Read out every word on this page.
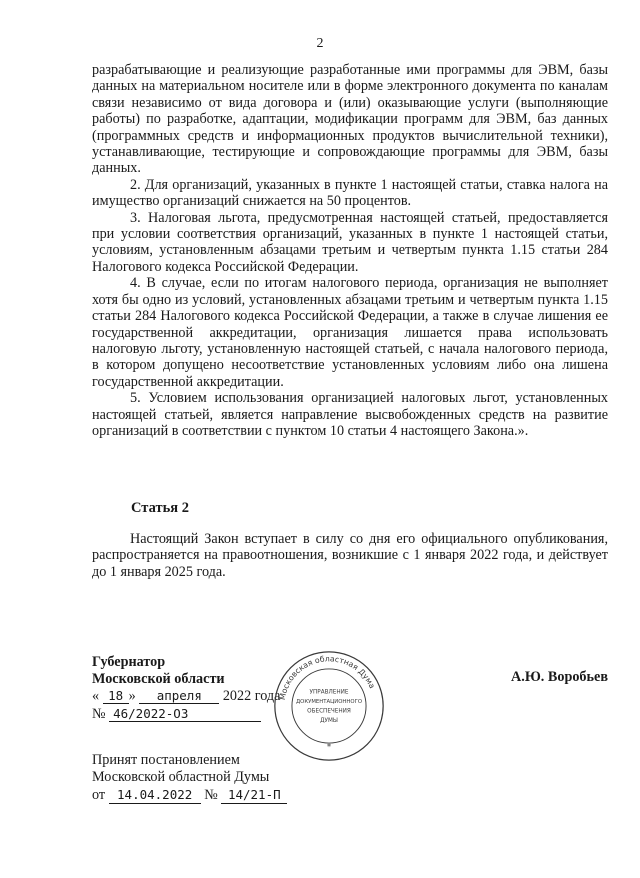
2

разрабатывающие и реализующие разработанные ими программы для ЭВМ, базы данных на материальном носителе или в форме электронного документа по каналам связи независимо от вида договора и (или) оказывающие услуги (выполняющие работы) по разработке, адаптации, модификации программ для ЭВМ, баз данных (программных средств и информационных продуктов вычислительной техники), устанавливающие, тестирующие и сопровождающие программы для ЭВМ, базы данных.

2. Для организаций, указанных в пункте 1 настоящей статьи, ставка налога на имущество организаций снижается на 50 процентов.

3. Налоговая льгота, предусмотренная настоящей статьей, предоставляется при условии соответствия организаций, указанных в пункте 1 настоящей статьи, условиям, установленным абзацами третьим и четвертым пункта 1.15 статьи 284 Налогового кодекса Российской Федерации.

4. В случае, если по итогам налогового периода, организация не выполняет хотя бы одно из условий, установленных абзацами третьим и четвертым пункта 1.15 статьи 284 Налогового кодекса Российской Федерации, а также в случае лишения ее государственной аккредитации, организация лишается права использовать налоговую льготу, установленную настоящей статьей, с начала налогового периода, в котором допущено несоответствие установленных условиям либо она лишена государственной аккредитации.

5. Условием использования организацией налоговых льгот, установленных настоящей статьей, является направление высвобожденных средств на развитие организаций в соответствии с пунктом 10 статьи 4 настоящего Закона.».

Статья 2
Настоящий Закон вступает в силу со дня его официального опубликования, распространяется на правоотношения, возникшие с 1 января 2022 года, и действует до 1 января 2025 года.
Губернатор
Московской области	А.Ю. Воробьев
« 18 » апреля 2022 года
№ 46/2022-ОЗ
Московская областная Дума
*
УПРАВЛЕНИЕ
ДОКУМЕНТАЦИОННОГО
ОБЕСПЕЧЕНИЯ
ДУМЫ
Принят постановлением
Московской областной Думы
от 14.04.2022 № 14/21-П
